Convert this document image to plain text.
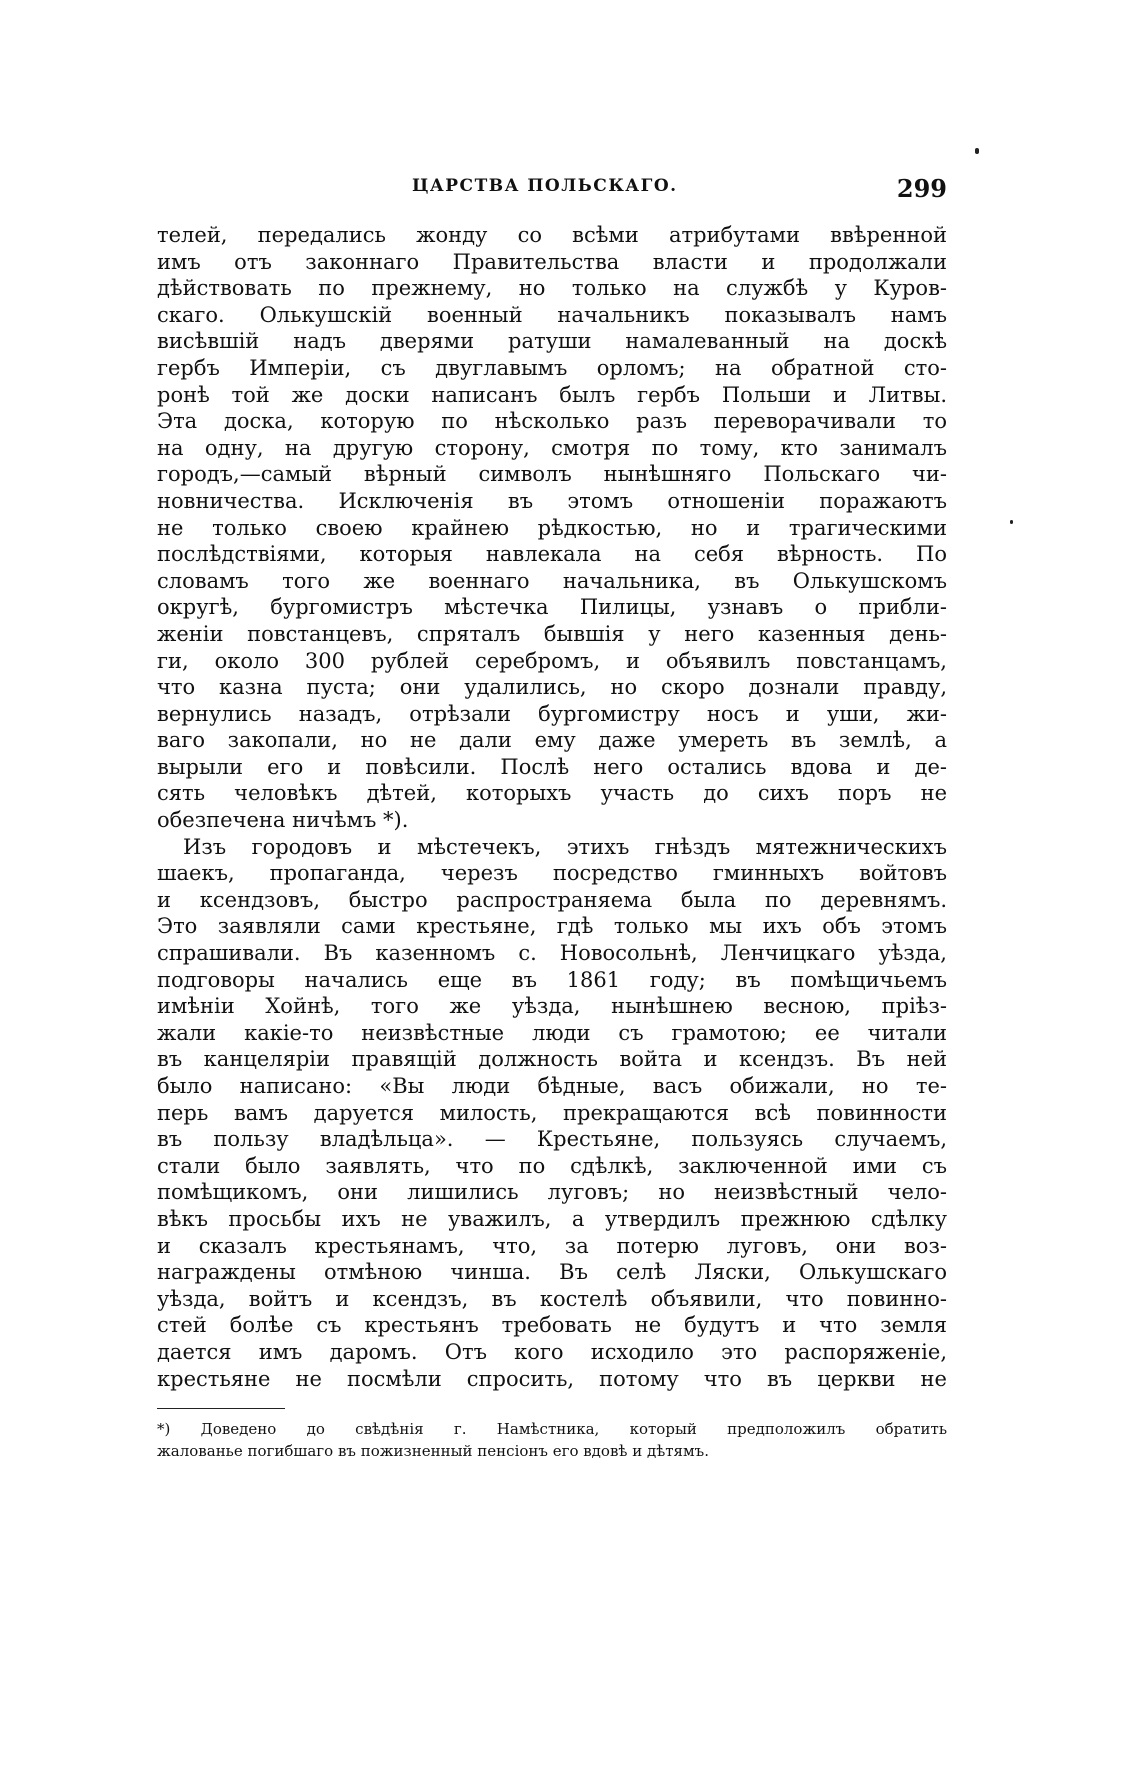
ЦАРСТВА ПОЛЬСКАГО.	299
телей, передались жонду со всѣми атрибутами ввѣренной
имъ отъ законнаго Правительства власти и продолжали
дѣйствовать по прежнему, но только на службѣ у Куров-
скаго. Олькушскій военный начальникъ показывалъ намъ
висѣвшій надъ дверями ратуши намалеванный на доскѣ
гербъ Имперіи, съ двуглавымъ орломъ; на обратной сто-
ронѣ той же доски написанъ былъ гербъ Польши и Литвы.
Эта доска, которую по нѣсколько разъ переворачивали то
на одну, на другую сторону, смотря по тому, кто занималъ
городъ,—самый вѣрный символъ нынѣшняго Польскаго чи-
новничества. Исключенія въ этомъ отношеніи поражаютъ
не только своею крайнею рѣдкостью, но и трагическими
послѣдствіями, которыя навлекала на себя вѣрность. По
словамъ того же военнаго начальника, въ Олькушскомъ
округѣ, бургомистръ мѣстечка Пилицы, узнавъ о прибли-
женіи повстанцевъ, спряталъ бывшія у него казенныя день-
ги, около 300 рублей серебромъ, и объявилъ повстанцамъ,
что казна пуста; они удалились, но скоро дознали правду,
вернулись назадъ, отрѣзали бургомистру носъ и уши, жи-
ваго закопали, но не дали ему даже умереть въ землѣ, а
вырыли его и повѣсили. Послѣ него остались вдова и де-
сять человѣкъ дѣтей, которыхъ участь до сихъ поръ не
обезпечена ничѣмъ *).
Изъ городовъ и мѣстечекъ, этихъ гнѣздъ мятежническихъ
шаекъ, пропаганда, черезъ посредство гминныхъ войтовъ
и ксендзовъ, быстро распространяема была по деревнямъ.
Это заявляли сами крестьяне, гдѣ только мы ихъ объ этомъ
спрашивали. Въ казенномъ с. Новосольнѣ, Ленчицкаго уѣзда,
подговоры начались еще въ 1861 году; въ помѣщичьемъ
имѣніи Хойнѣ, того же уѣзда, нынѣшнею весною, пріѣз-
жали какіе-то неизвѣстные люди съ грамотою; ее читали
въ канцеляріи правящій должность войта и ксендзъ. Въ ней
было написано: «Вы люди бѣдные, васъ обижали, но те-
перь вамъ даруется милость, прекращаются всѣ повинности
въ пользу владѣльца». — Крестьяне, пользуясь случаемъ,
стали было заявлять, что по сдѣлкѣ, заключенной ими съ
помѣщикомъ, они лишились луговъ; но неизвѣстный чело-
вѣкъ просьбы ихъ не уважилъ, а утвердилъ прежнюю сдѣлку
и сказалъ крестьянамъ, что, за потерю луговъ, они воз-
награждены отмѣною чинша. Въ селѣ Ляски, Олькушскаго
уѣзда, войтъ и ксендзъ, въ костелѣ объявили, что повинно-
стей болѣе съ крестьянъ требовать не будутъ и что земля
дается имъ даромъ. Отъ кого исходило это распоряженіе,
крестьяне не посмѣли спросить, потому что въ церкви не
*) Доведено до свѣдѣнія г. Намѣстника, который предположилъ обратить
жалованье погибшаго въ пожизненный пенсіонъ его вдовѣ и дѣтямъ.
